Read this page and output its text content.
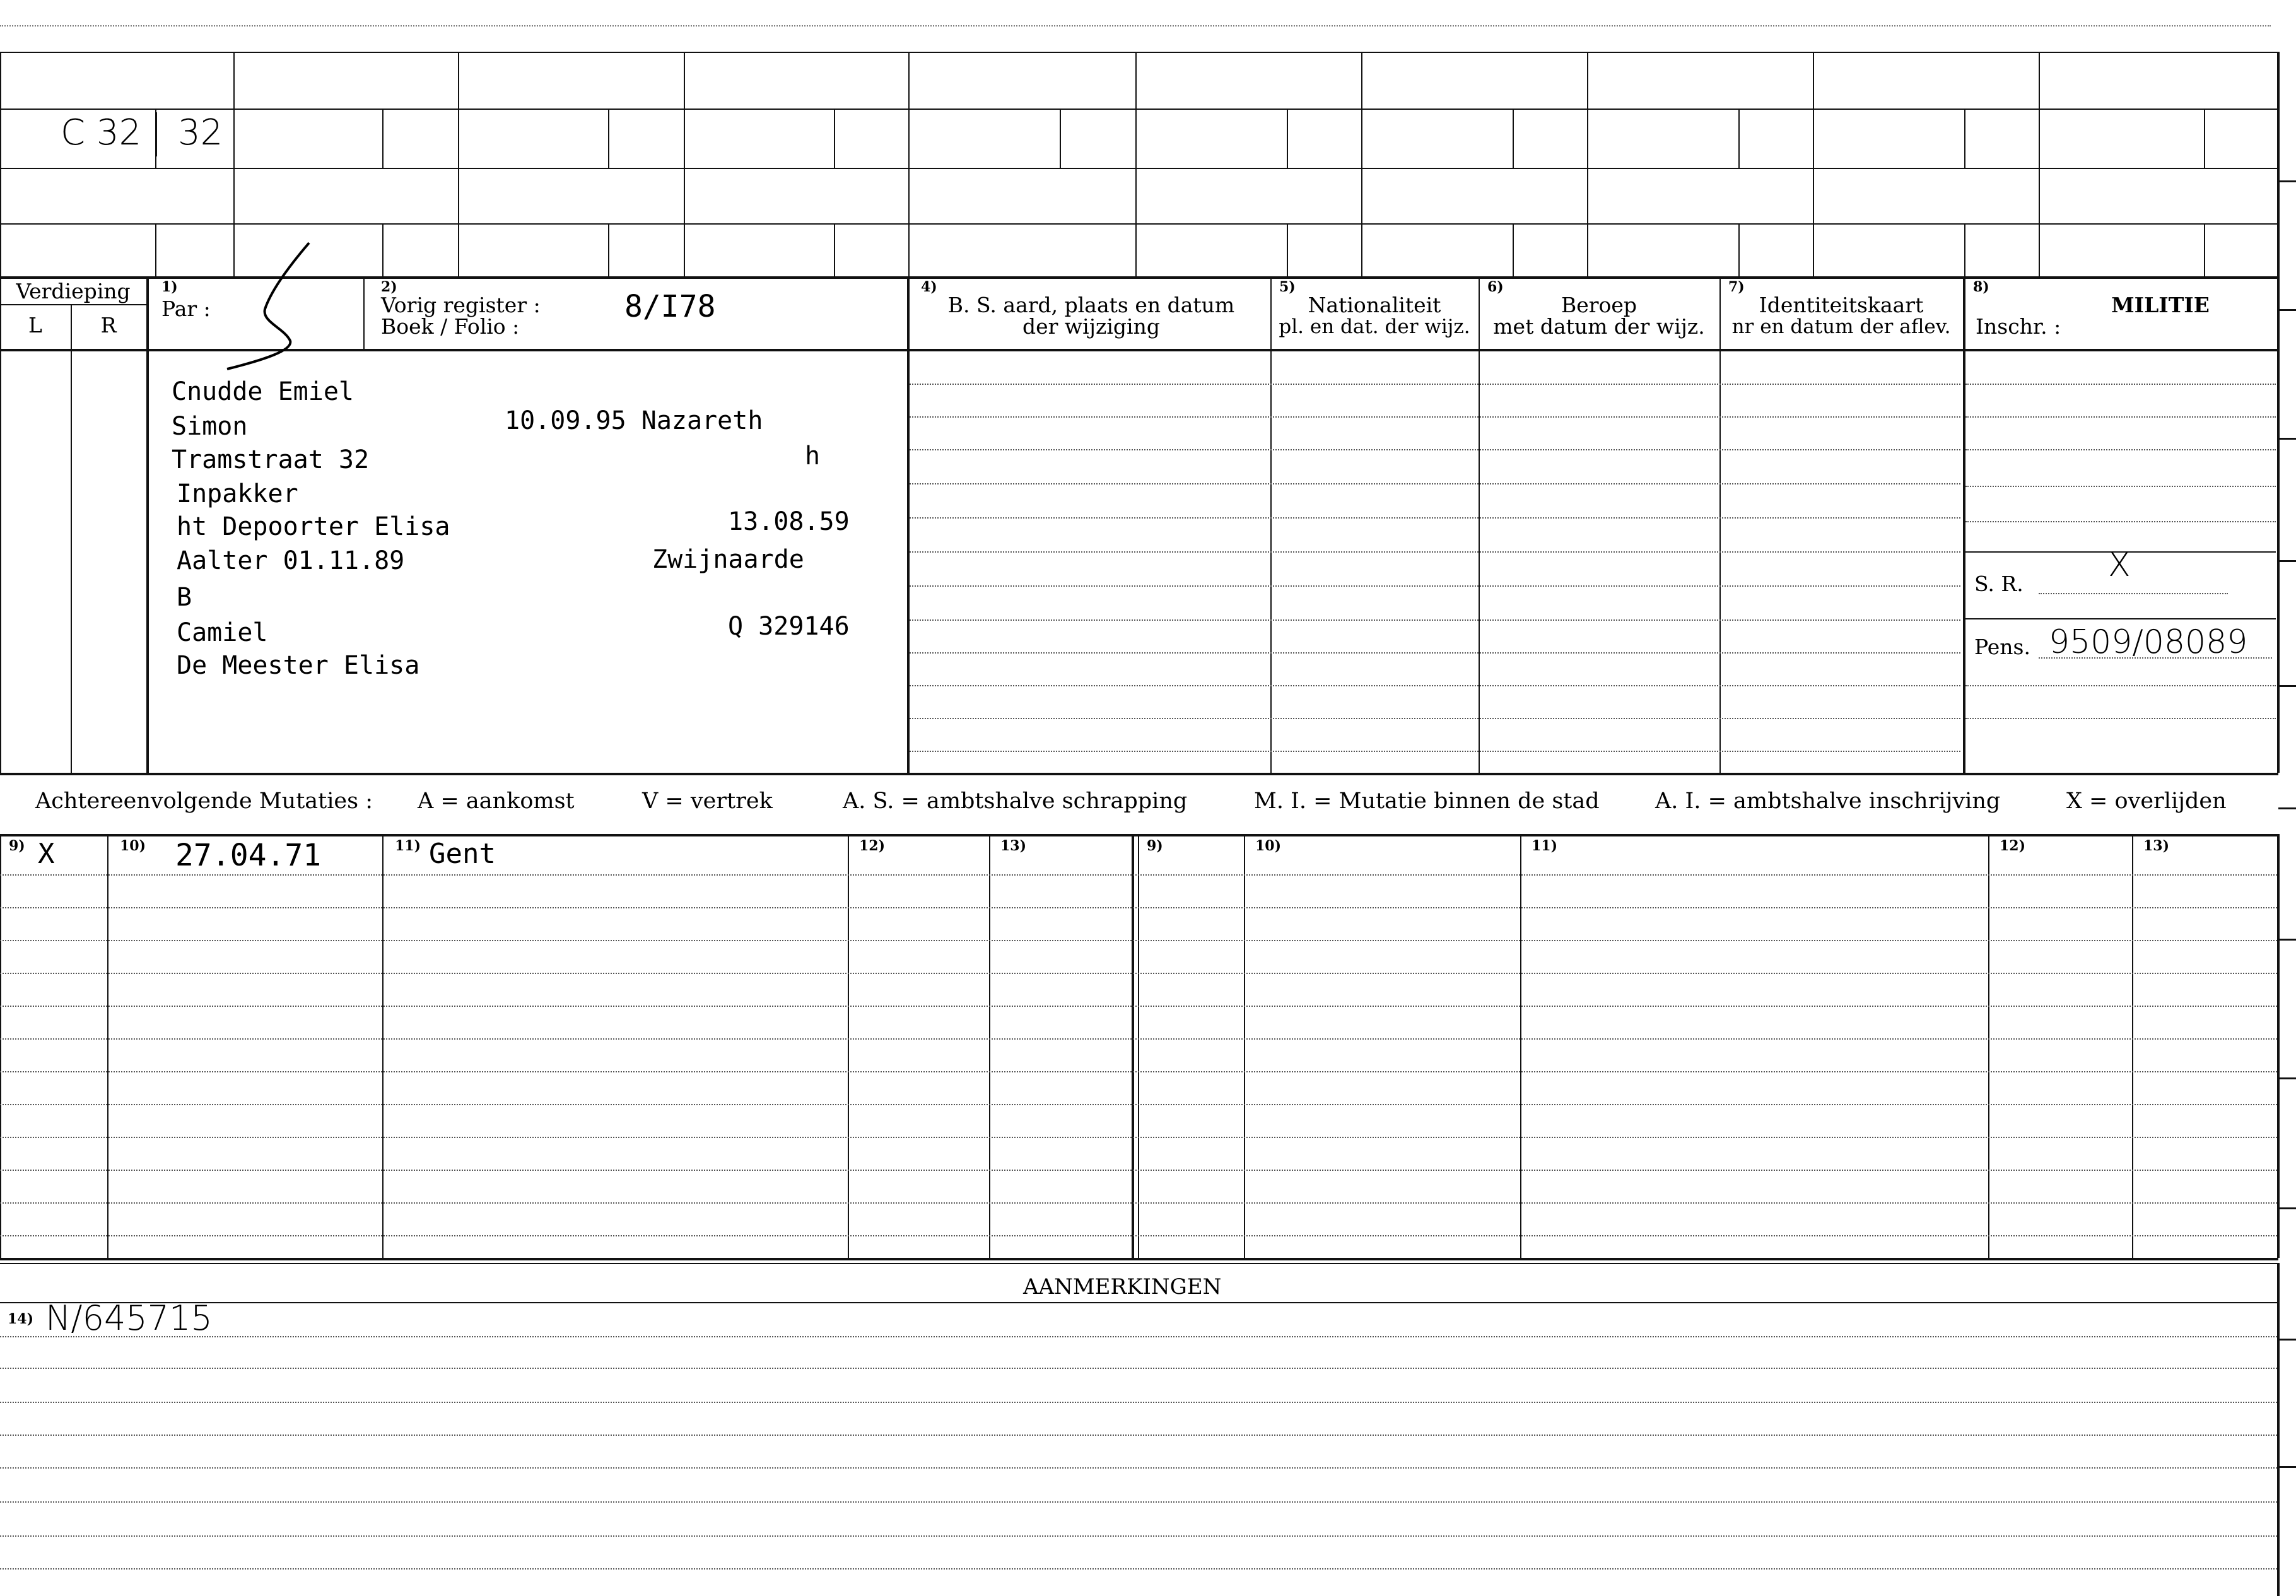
C 32 32
Verdieping
L	R
1)
Par :
2)
Vorig register :
Boek / Folio :
8/I78
4)
B. S. aard, plaats en datum
der wijziging
5)
Nationaliteit
pl. en dat. der wijz.
6)
Beroep
met datum der wijz.
7)
Identiteitskaart
nr en datum der aflev.
8)
MILITIE
Inschr. :
Cnudde Emiel
Simon
Tramstraat 32
Inpakker
ht Depoorter Elisa
Aalter 01.11.89
B
Camiel
De Meester Elisa
10.09.95 Nazareth
h
13.08.59
Zwijnaarde
Q 329146
S. R.	X
Pens. 9509/08089
Achtereenvolgende Mutaties : A = aankomst	V = vertrek	A. S. = ambtshalve schrapping	M. I. = Mutatie binnen de stad	A. I. = ambtshalve inschrijving	X = overlijden
9)	10)	11)	12)	13)	9)	10)	11)	12)	13)
X	27.04.71	Gent
AANMERKINGEN
14) N/645715
